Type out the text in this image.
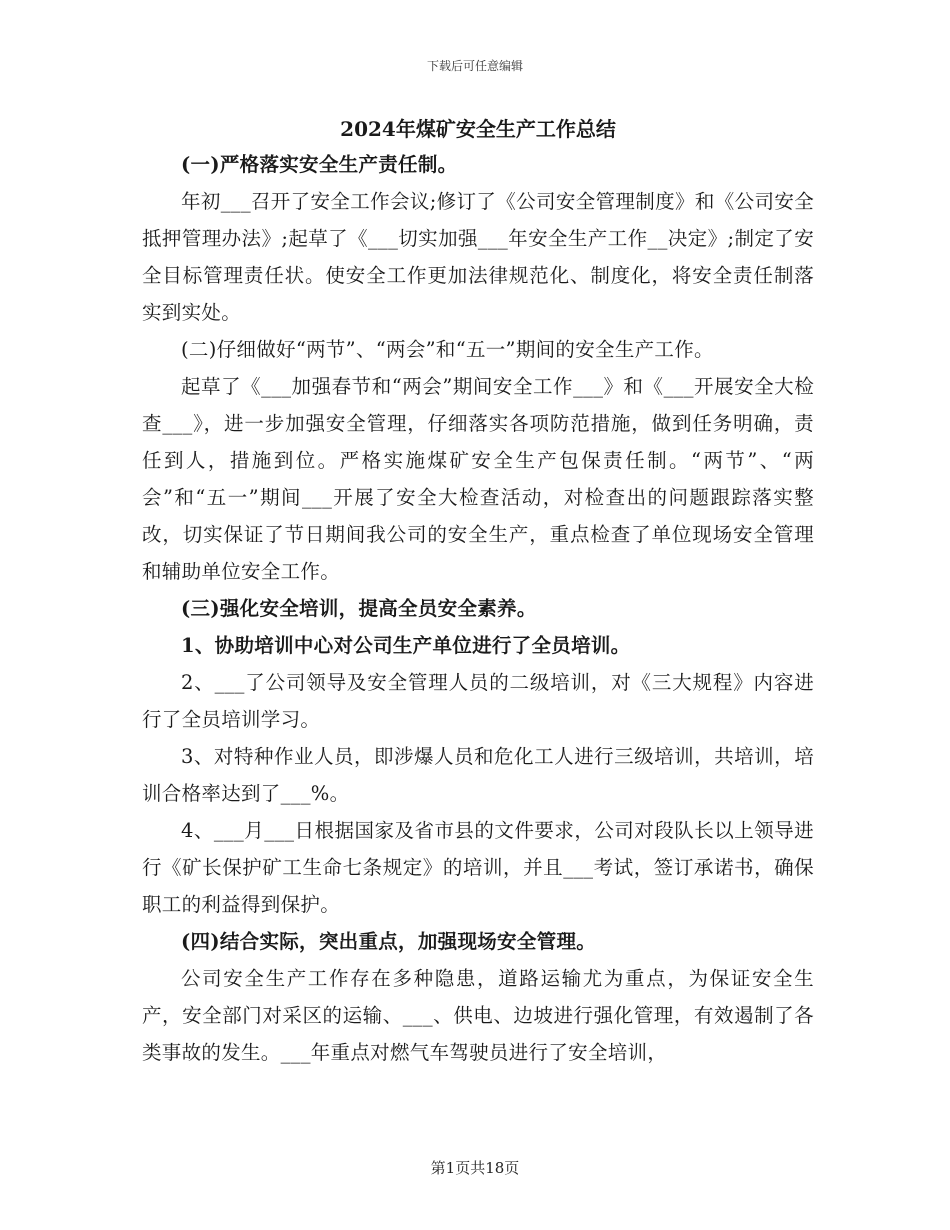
下载后可任意编辑
2024年煤矿安全生产工作总结

(一)严格落实安全生产责任制。

年初___召开了安全工作会议;修订了《公司安全管理制度》和《公司安全抵押管理办法》;起草了《___切实加强___年安全生产工作__决定》;制定了安全目标管理责任状。使安全工作更加法律规范化、制度化，将安全责任制落实到实处。

(二)仔细做好“两节”、“两会”和“五一”期间的安全生产工作。

起草了《___加强春节和“两会”期间安全工作___》和《___开展安全大检查___》，进一步加强安全管理，仔细落实各项防范措施，做到任务明确，责任到人，措施到位。严格实施煤矿安全生产包保责任制。“两节”、“两会”和“五一”期间___开展了安全大检查活动，对检查出的问题跟踪落实整改，切实保证了节日期间我公司的安全生产，重点检查了单位现场安全管理和辅助单位安全工作。

(三)强化安全培训，提高全员安全素养。

1、协助培训中心对公司生产单位进行了全员培训。

2、___了公司领导及安全管理人员的二级培训，对《三大规程》内容进行了全员培训学习。

3、对特种作业人员，即涉爆人员和危化工人进行三级培训，共培训，培训合格率达到了___%。

4、___月___日根据国家及省市县的文件要求，公司对段队长以上领导进行《矿长保护矿工生命七条规定》的培训，并且___考试，签订承诺书，确保职工的利益得到保护。

(四)结合实际，突出重点，加强现场安全管理。

公司安全生产工作存在多种隐患，道路运输尤为重点，为保证安全生产，安全部门对采区的运输、___、供电、边坡进行强化管理，有效遏制了各类事故的发生。___年重点对燃气车驾驶员进行了安全培训，

第1页共18页
